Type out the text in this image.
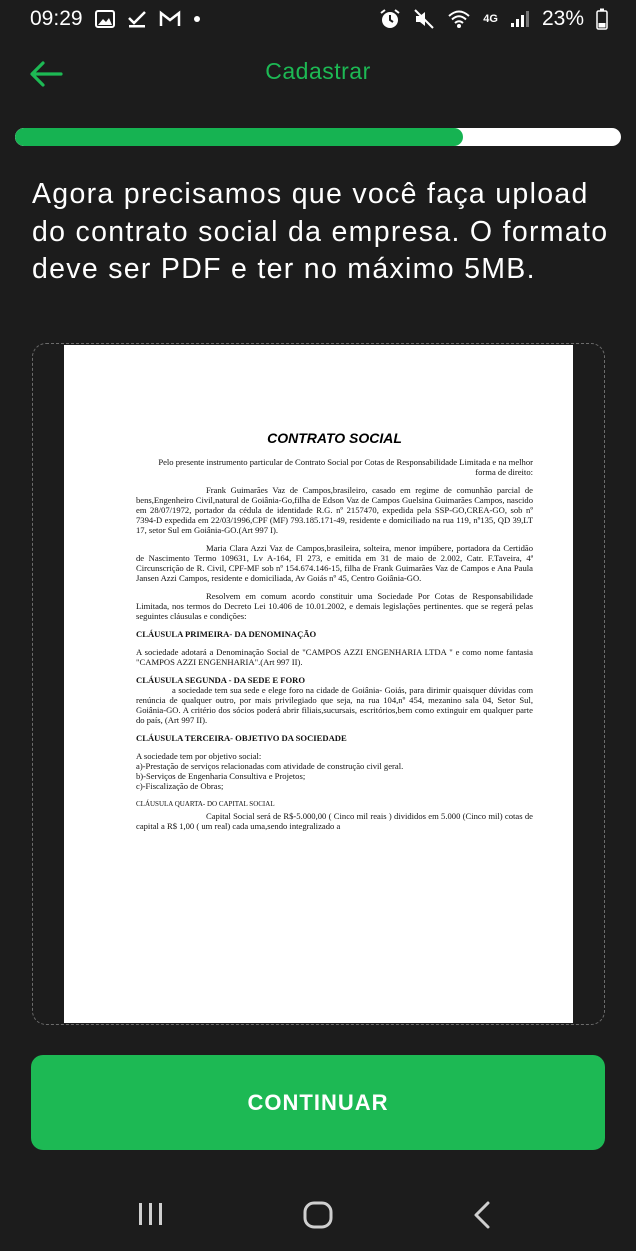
09:29	4G 23%
Cadastrar
Agora precisamos que você faça upload do contrato social da empresa. O formato deve ser PDF e ter no máximo 5MB.
CONTRATO SOCIAL

Pelo presente instrumento particular de Contrato Social por Cotas de Responsabilidade Limitada e na melhor forma de direito:

Frank Guimarães Vaz de Campos,brasileiro, casado em regime de comunhão parcial de bens,Engenheiro Civil,natural de Goiânia-Go,filha de Edson Vaz de Campos Guelsina Guimarães Campos, nascido em 28/07/1972, portador da cédula de identidade R.G. nº 2157470, expedida pela SSP-GO,CREA-GO, sob nº 7394-D expedida em 22/03/1996,CPF (MF) 793.185.171-49, residente e domiciliado na rua 119, nº135, QD 39,LT 17, setor Sul em Goiânia-GO.(Art 997 I).

Maria Clara Azzi Vaz de Campos,brasileira, solteira, menor impúbere, portadora da Certidão de Nascimento Termo 109631, Lv A-164, Fl 273, e emitida em 31 de maio de 2.002, Catr. F.Taveira, 4ª Circunscrição de R. Civil, CPF-MF sob nº 154.674.146-15, filha de Frank Guimarães Vaz de Campos e Ana Paula Jansen Azzi Campos, residente e domiciliada, Av Goiás nº 45, Centro Goiânia-GO.

Resolvem em comum acordo constituir uma Sociedade Por Cotas de Responsabilidade Limitada, nos termos do Decreto Lei 10.406 de 10.01.2002, e demais legislações pertinentes. que se regerá pelas seguintes cláusulas e condições:

CLÁUSULA PRIMEIRA- DA DENOMINAÇÃO

A sociedade adotará a Denominação Social de "CAMPOS AZZI ENGENHARIA LTDA " e como nome fantasia "CAMPOS AZZI ENGENHARIA".(Art 997 II).

CLÁUSULA SEGUNDA - DA SEDE E FORO

a sociedade tem sua sede e elege foro na cidade de Goiânia- Goiás, para dirimir quaisquer dúvidas com renúncia de qualquer outro, por mais privilegiado que seja, na rua 104,nº 454, mezanino sala 04, Setor Sul, Goiânia-GO. A critério dos sócios poderá abrir filiais,sucursais, escritórios,bem como extinguir em qualquer parte do país, (Art 997 II).

CLÁUSULA TERCEIRA- OBJETIVO DA SOCIEDADE
A sociedade tem por objetivo social:
a)-Prestação de serviços relacionadas com atividade de construção civil geral.
b)-Serviços de Engenharia Consultiva e Projetos;
c)-Fiscalização de Obras;
CLÁUSULA QUARTA- DO CAPITAL SOCIAL

Capital Social será de R$-5.000,00 ( Cinco mil reais ) divididos em 5.000 (Cinco mil) cotas de capital a R$ 1,00 ( um real) cada uma,sendo integralizado a

CONTINUAR
